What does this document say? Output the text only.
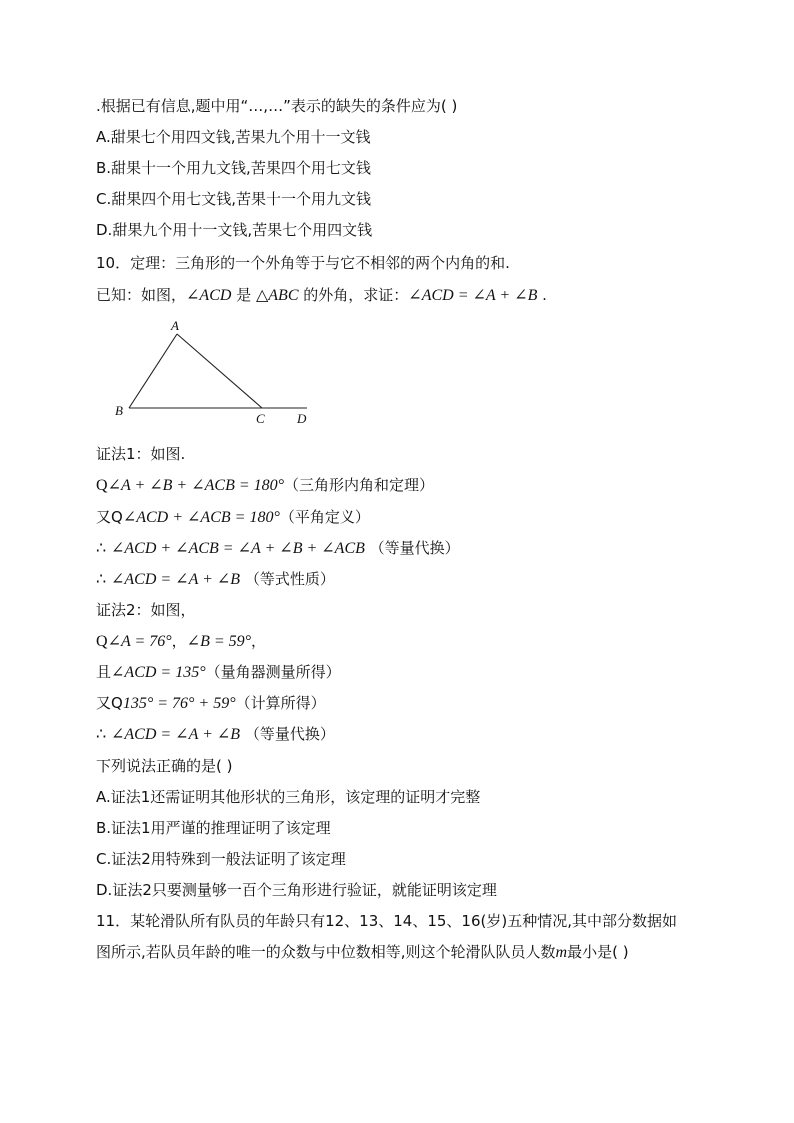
.根据已有信息,题中用“…,…”表示的缺失的条件应为( )
A.甜果七个用四文钱,苦果九个用十一文钱
B.甜果十一个用九文钱,苦果四个用七文钱
C.甜果四个用七文钱,苦果十一个用九文钱
D.甜果九个用十一文钱,苦果七个用四文钱
10．定理：三角形的一个外角等于与它不相邻的两个内角的和.
已知：如图，∠ACD 是 △ABC 的外角，求证：∠ACD = ∠A + ∠B .
A
B
C D
证法1：如图.
Q∠A + ∠B + ∠ACB = 180°（三角形内角和定理）
又Q∠ACD + ∠ACB = 180°（平角定义）
∴ ∠ACD + ∠ACB = ∠A + ∠B + ∠ACB （等量代换）
∴ ∠ACD = ∠A + ∠B （等式性质）
证法2：如图，
Q∠A = 76°，∠B = 59°，
且∠ACD = 135°（量角器测量所得）
又Q135° = 76° + 59°（计算所得）
∴ ∠ACD = ∠A + ∠B （等量代换）
下列说法正确的是( )
A.证法1还需证明其他形状的三角形，该定理的证明才完整
B.证法1用严谨的推理证明了该定理
C.证法2用特殊到一般法证明了该定理
D.证法2只要测量够一百个三角形进行验证，就能证明该定理
11．某轮滑队所有队员的年龄只有12、13、14、15、16(岁)五种情况,其中部分数据如
图所示,若队员年龄的唯一的众数与中位数相等,则这个轮滑队队员人数m最小是( )
